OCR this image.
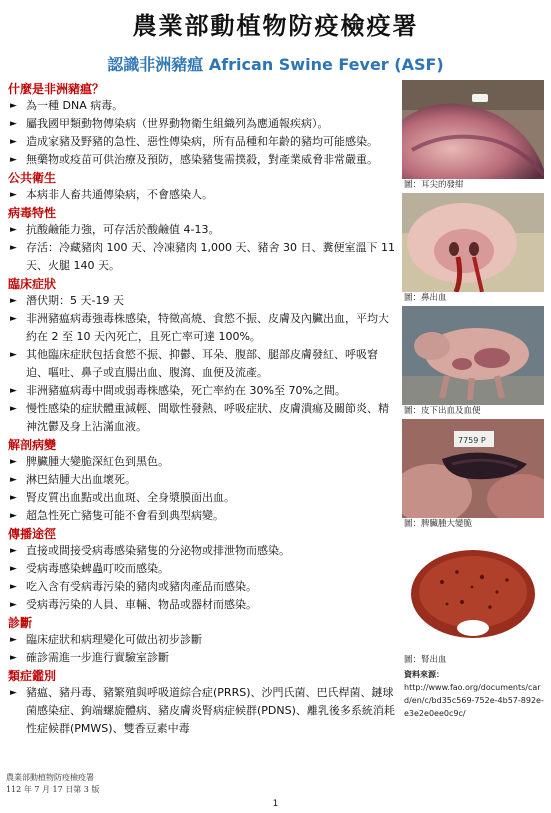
農業部動植物防疫檢疫署
認識非洲豬瘟 African Swine Fever (ASF)
什麼是非洲豬瘟？
► 為一種 DNA 病毒。
► 屬我國甲類動物傳染病（世界動物衛生組織列為應通報疾病）。
► 造成家豬及野豬的急性、惡性傳染病，所有品種和年齡的豬均可能感染。
► 無藥物或疫苗可供治療及預防，感染豬隻需撲殺，對產業威脅非常嚴重。
公共衛生
► 本病非人畜共通傳染病，不會感染人。
病毒特性
► 抗酸鹼能力強，可存活於酸鹼值 4-13。
► 存活：冷藏豬肉 100 天、冷凍豬肉 1,000 天、豬舍 30 日、糞便室溫下 11 天、火腿 140 天。
臨床症狀
► 潛伏期：5 天-19 天
► 非洲豬瘟病毒強毒株感染，特徵高燒、食慾不振、皮膚及內臟出血，平均大約在 2 至 10 天內死亡，且死亡率可達 100%。
► 其他臨床症狀包括食慾不振、抑鬱、耳朵、腹部、腿部皮膚發紅、呼吸窘迫、嘔吐、鼻子或直腸出血、腹瀉、血便及流產。
► 非洲豬瘟病毒中間或弱毒株感染，死亡率約在 30%至 70%之間。
► 慢性感染的症狀體重減輕、間歇性發熱、呼吸症狀、皮膚潰瘍及關節炎、精神沈鬱及身上沾滿血液。
解剖病變
► 脾臟腫大變脆深紅色到黑色。
► 淋巴結腫大出血壞死。
► 腎皮質出血點或出血斑、全身漿膜面出血。
► 超急性死亡豬隻可能不會看到典型病變。
傳播途徑
► 直接或間接受病毒感染豬隻的分泌物或排泄物而感染。
► 受病毒感染蜱蟲叮咬而感染。
► 吃入含有受病毒污染的豬肉或豬肉產品而感染。
► 受病毒污染的人員、車輛、物品或器材而感染。
診斷
► 臨床症狀和病理變化可做出初步診斷
► 確診需進一步進行實驗室診斷
類症鑑別
► 豬瘟、豬丹毒、豬繁殖與呼吸道綜合症(PRRS)、沙門氏菌、巴氏桿菌、鏈球菌感染症、鉤端螺旋體病、豬皮膚炎腎病症候群(PDNS)、離乳後多系統消耗性症候群(PMWS)、雙香豆素中毒
圖：耳尖的發紺
圖：鼻出血
圖：皮下出血及血便
7759 P
圖：脾臟腫大變脆
圖：腎出血
資料來源：
http://www.fao.org/documents/card/en/c/bd35c569-752e-4b57-892e-e3e2e0ee0c9c/
農業部動植物防疫檢疫署
112 年 7 月 17 日第 3 版
1
